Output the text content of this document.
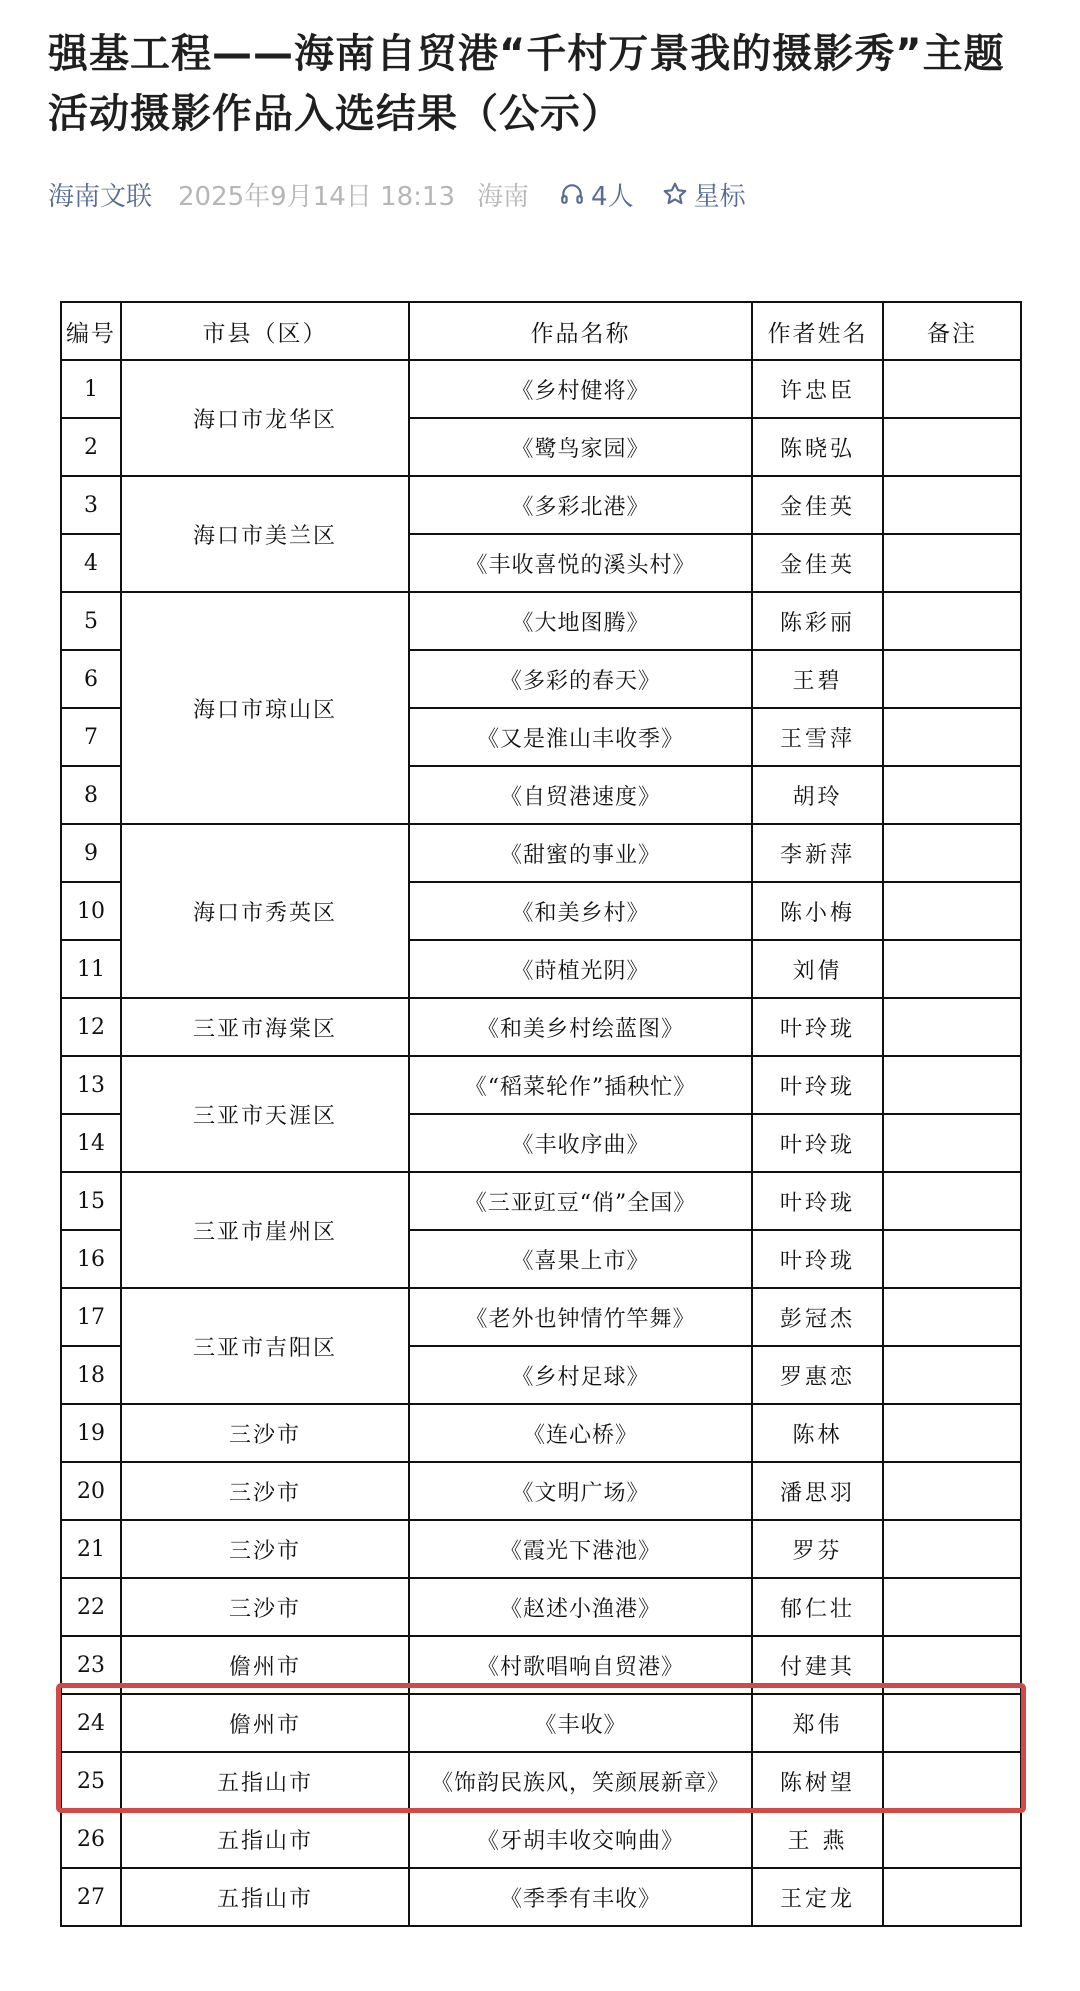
强基工程——海南自贸港“千村万景我的摄影秀”主题活动摄影作品入选结果（公示）
海南文联 2025年9月14日 18:13 海南 4人 星标
编号	市县（区）	作品名称	作者姓名	备注
1	海口市龙华区	《乡村健将》	许忠臣	
2		《鹭鸟家园》	陈晓弘	
3	海口市美兰区	《多彩北港》	金佳英	
4		《丰收喜悦的溪头村》	金佳英	
5	海口市琼山区	《大地图腾》	陈彩丽	
6		《多彩的春天》	王碧	
7		《又是淮山丰收季》	王雪萍	
8		《自贸港速度》	胡玲	
9	海口市秀英区	《甜蜜的事业》	李新萍	
10		《和美乡村》	陈小梅	
11		《莳植光阴》	刘倩	
12	三亚市海棠区	《和美乡村绘蓝图》	叶玲珑	
13	三亚市天涯区	《“稻菜轮作”插秧忙》	叶玲珑	
14		《丰收序曲》	叶玲珑	
15	三亚市崖州区	《三亚豇豆“俏”全国》	叶玲珑	
16		《喜果上市》	叶玲珑	
17	三亚市吉阳区	《老外也钟情竹竿舞》	彭冠杰	
18		《乡村足球》	罗惠恋	
19	三沙市	《连心桥》	陈林	
20	三沙市	《文明广场》	潘思羽	
21	三沙市	《霞光下港池》	罗芬	
22	三沙市	《赵述小渔港》	郁仁壮	
23	儋州市	《村歌唱响自贸港》	付建其	
24	儋州市	《丰收》	郑伟	
25	五指山市	《饰韵民族风，笑颜展新章》	陈树望	
26	五指山市	《牙胡丰收交响曲》	王 燕	
27	五指山市	《季季有丰收》	王定龙	
